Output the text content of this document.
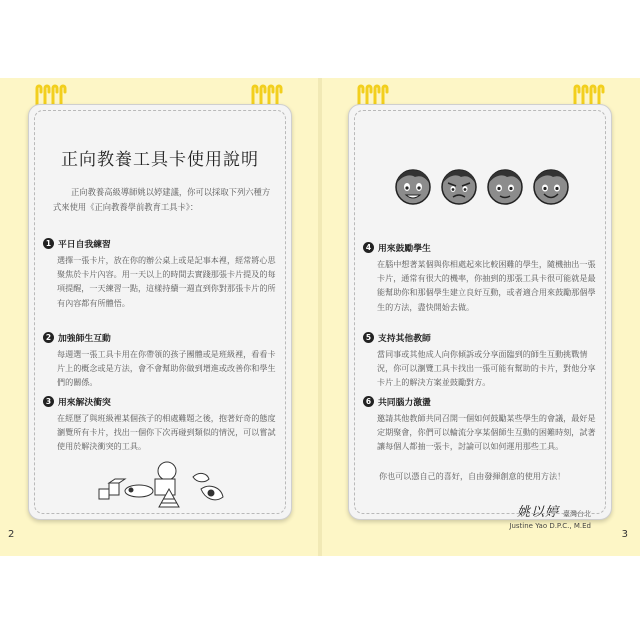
正向教養工具卡使用說明
正向教養高級導師姚以婷建議，你可以採取下列六種方式來使用《正向教養學前教育工具卡》：
1 平日自我練習
選擇一張卡片，放在你的辦公桌上或是記事本裡，經常將心思聚焦於卡片內容。用一天以上的時間去實踐那張卡片提及的每項提醒，一天練習一點，這樣持續一週直到你對那張卡片的所有內容都有所體悟。
2 加強師生互動
每週選一張工具卡用在你帶領的孩子團體或是班級裡，看看卡片上的概念或是方法，會不會幫助你做到增進或改善你和學生們的關係。
3 用來解決衝突
在經歷了與班級裡某個孩子的相處難題之後，抱著好奇的態度瀏覽所有卡片，找出一個你下次再碰到類似的情況，可以嘗試使用於解決衝突的工具。
2
4 用來鼓勵學生
在腦中想著某個與你相處起來比較困難的學生，隨機抽出一張卡片，通常有很大的機率，你抽到的那張工具卡很可能就是最能幫助你和那個學生建立良好互動，或者適合用來鼓勵那個學生的方法，盡快開始去做。
5 支持其他教師
當同事或其他成人向你傾訴或分享面臨到的師生互動挑戰情況，你可以瀏覽工具卡找出一張可能有幫助的卡片，對他分享卡片上的解決方案並鼓勵對方。
6 共同腦力激盪
邀請其他教師共同召開一個如何鼓勵某些學生的會議，最好是定期聚會，你們可以輪流分享某個師生互動的困難時刻，試著讓每個人都抽一張卡，討論可以如何運用那些工具。
你也可以憑自己的喜好，自由發揮創意的使用方法！
姚以婷 臺灣台北
Justine Yao D.P.C., M.Ed
3
